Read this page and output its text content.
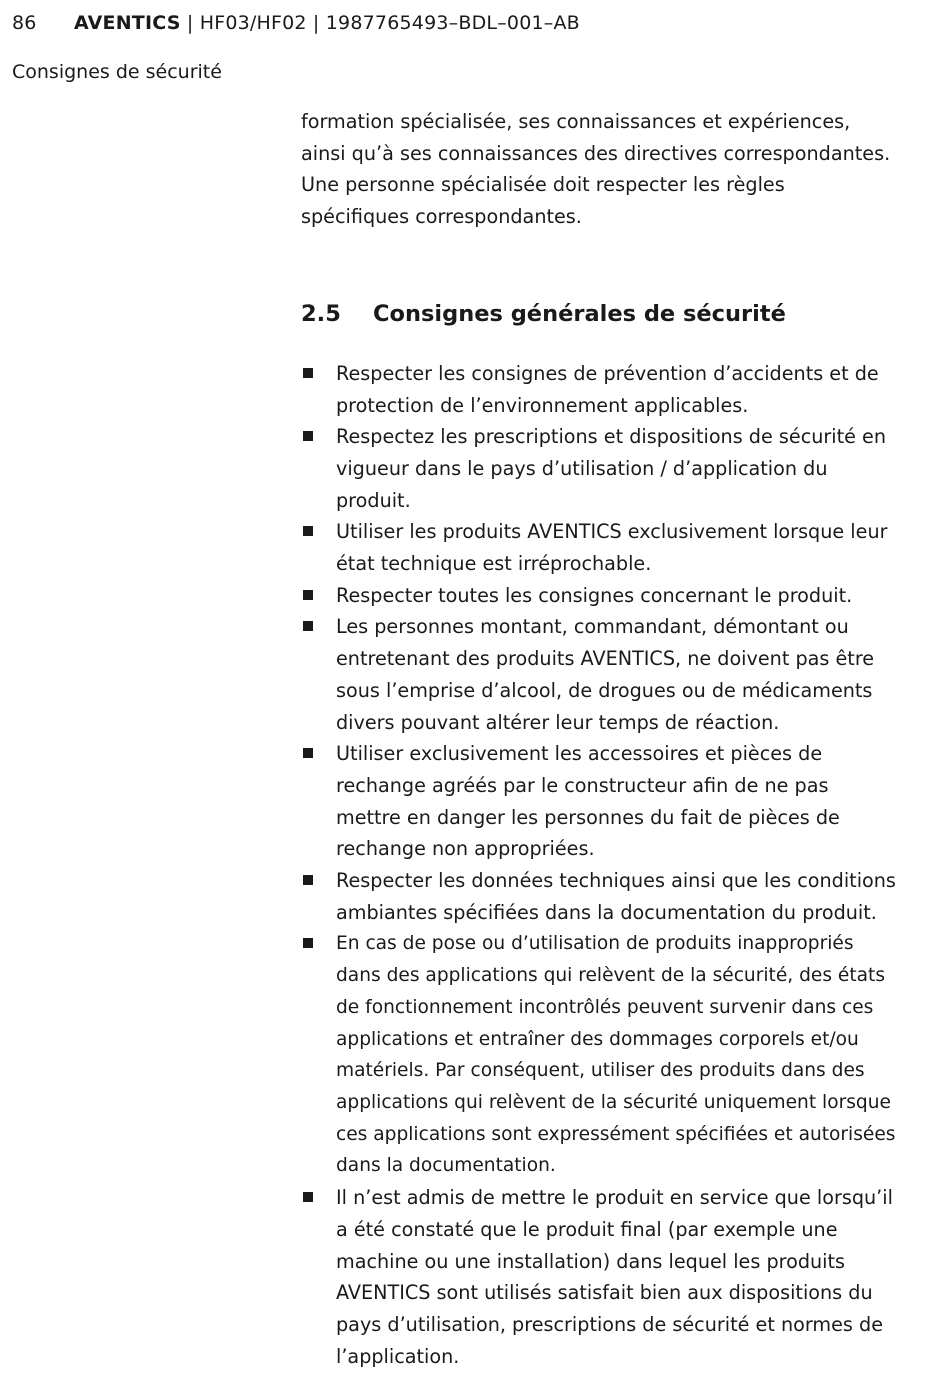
86 AVENTICS | HF03/HF02 | 1987765493–BDL–001–AB
Consignes de sécurité

formation spécialisée, ses connaissances et expériences, ainsi qu’à ses connaissances des directives correspondantes. Une personne spécialisée doit respecter les règles spécifiques correspondantes.

2.5	Consignes générales de sécurité
Respecter les consignes de prévention d’accidents et de protection de l’environnement applicables.
Respectez les prescriptions et dispositions de sécurité en vigueur dans le pays d’utilisation / d’application du produit.
Utiliser les produits AVENTICS exclusivement lorsque leur état technique est irréprochable.
Respecter toutes les consignes concernant le produit.
Les personnes montant, commandant, démontant ou entretenant des produits AVENTICS, ne doivent pas être sous l’emprise d’alcool, de drogues ou de médicaments divers pouvant altérer leur temps de réaction.
Utiliser exclusivement les accessoires et pièces de rechange agréés par le constructeur afin de ne pas mettre en danger les personnes du fait de pièces de rechange non appropriées.
Respecter les données techniques ainsi que les conditions ambiantes spécifiées dans la documentation du produit.
En cas de pose ou d’utilisation de produits inappropriés dans des applications qui relèvent de la sécurité, des états de fonctionnement incontrôlés peuvent survenir dans ces applications et entraîner des dommages corporels et/ou matériels. Par conséquent, utiliser des produits dans des applications qui relèvent de la sécurité uniquement lorsque ces applications sont expressément spécifiées et autorisées dans la documentation.
Il n’est admis de mettre le produit en service que lorsqu’il a été constaté que le produit final (par exemple une machine ou une installation) dans lequel les produits AVENTICS sont utilisés satisfait bien aux dispositions du pays d’utilisation, prescriptions de sécurité et normes de l’application.
